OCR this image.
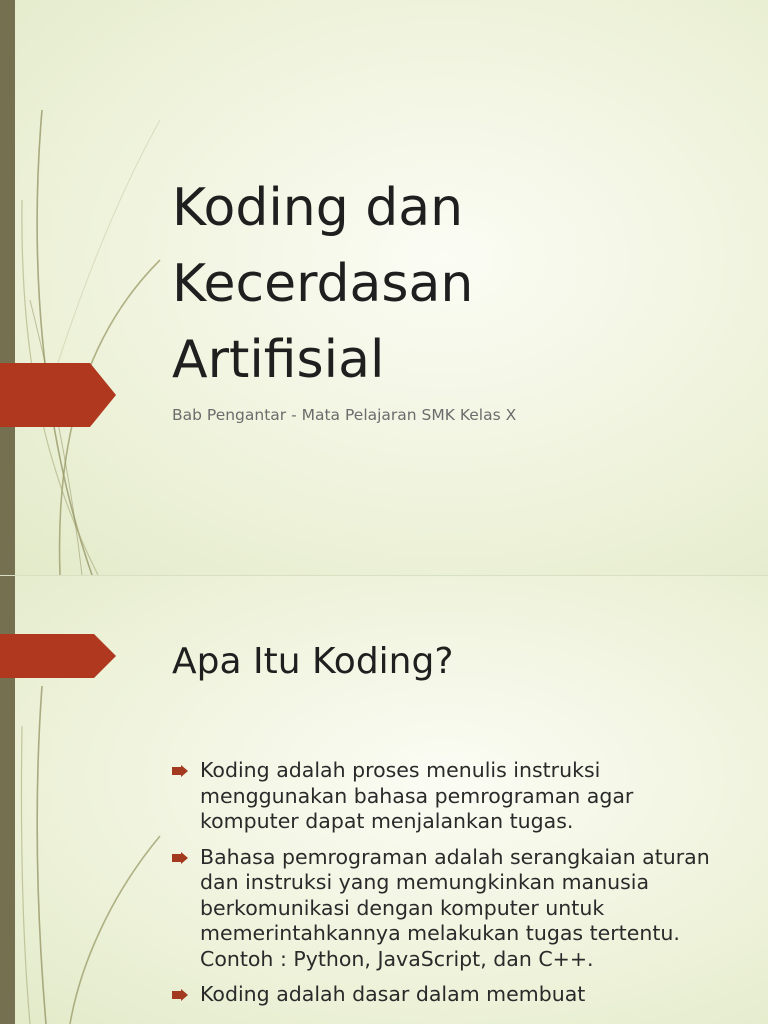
Koding dan
Kecerdasan
Artifisial

Bab Pengantar - Mata Pelajaran SMK Kelas X

Apa Itu Koding?
Koding adalah proses menulis instruksi menggunakan bahasa pemrograman agar komputer dapat menjalankan tugas.
Bahasa pemrograman adalah serangkaian aturan dan instruksi yang memungkinkan manusia berkomunikasi dengan komputer untuk memerintahkannya melakukan tugas tertentu. Contoh : Python, JavaScript, dan C++.
Koding adalah dasar dalam membuat
